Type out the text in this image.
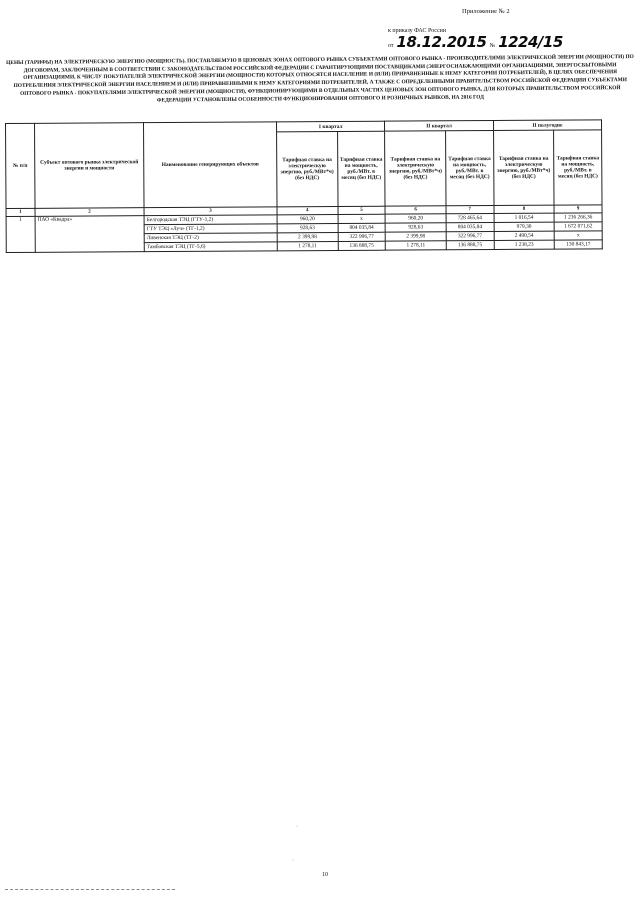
Приложение № 2
к приказу ФАС России
от 18.12.2015 № 1224/15
ЦЕНЫ (ТАРИФЫ) НА ЭЛЕКТРИЧЕСКУЮ ЭНЕРГИЮ (МОЩНОСТЬ), ПОСТАВЛЯЕМУЮ В ЦЕНОВЫХ ЗОНАХ ОПТОВОГО РЫНКА СУБЪЕКТАМИ ОПТОВОГО РЫНКА - ПРОИЗВОДИТЕЛЯМИ ЭЛЕКТРИЧЕСКОЙ ЭНЕРГИИ (МОЩНОСТИ) ПО ДОГОВОРАМ, ЗАКЛЮЧЕННЫМ В СООТВЕТСТВИИ С ЗАКОНОДАТЕЛЬСТВОМ РОССИЙСКОЙ ФЕДЕРАЦИИ С ГАРАНТИРУЮЩИМИ ПОСТАВЩИКАМИ (ЭНЕРГОСНАБЖАЮЩИМИ ОРГАНИЗАЦИЯМИ, ЭНЕРГОСБЫТОВЫМИ ОРГАНИЗАЦИЯМИ, К ЧИСЛУ ПОКУПАТЕЛЕЙ ЭЛЕКТРИЧЕСКОЙ ЭНЕРГИИ (МОЩНОСТИ) КОТОРЫХ ОТНОСЯТСЯ НАСЕЛЕНИЕ И (ИЛИ) ПРИРАВНЕННЫЕ К НЕМУ КАТЕГОРИИ ПОТРЕБИТЕЛЕЙ), В ЦЕЛЯХ ОБЕСПЕЧЕНИЯ ПОТРЕБЛЕНИЯ ЭЛЕКТРИЧЕСКОЙ ЭНЕРГИИ НАСЕЛЕНИЕМ И (ИЛИ) ПРИРАВНЕННЫМИ К НЕМУ КАТЕГОРИЯМИ ПОТРЕБИТЕЛЕЙ, А ТАКЖЕ С ОПРЕДЕЛЕННЫМИ ПРАВИТЕЛЬСТВОМ РОССИЙСКОЙ ФЕДЕРАЦИИ СУБЪЕКТАМИ ОПТОВОГО РЫНКА - ПОКУПАТЕЛЯМИ ЭЛЕКТРИЧЕСКОЙ ЭНЕРГИИ (МОЩНОСТИ), ФУНКЦИОНИРУЮЩИМИ В ОТДЕЛЬНЫХ ЧАСТЯХ ЦЕНОВЫХ ЗОН ОПТОВОГО РЫНКА, ДЛЯ КОТОРЫХ ПРАВИТЕЛЬСТВОМ РОССИЙСКОЙ ФЕДЕРАЦИИ УСТАНОВЛЕНЫ ОСОБЕННОСТИ ФУНКЦИОНИРОВАНИЯ ОПТОВОГО И РОЗНИЧНЫХ РЫНКОВ, НА 2016 ГОД
№ п/п	Субъект оптового рынка электрической энергии и мощности	Наименование генерирующих объектов	I квартал		II квартал		II полугодие	
			Тарифная ставка на электрическую энергию, руб./МВт*ч) (без НДС)	Тарифная ставка на мощность, руб./МВт. в месяц (без НДС)	Тарифная ставка на электрическую энергию, руб./МВт*ч) (без НДС)	Тарифная ставка на мощность, руб./МВт. в месяц (без НДС)	Тарифная ставка на электрическую энергию, руб./МВт*ч) (без НДС)	Тарифная ставка на мощность, руб./МВт. в месяц (без НДС)
1	2	3	4	5	6	7	8	9
1	ПАО «Квадра»	Белгородская ТЭЦ (ГТУ-1,2)	960,20	x	960,20	728 465,64	1 016,54	1 236 266,36
		ГТУ ТЭЦ «Луч» (ТГ-1,2)	928,63	804 035,84	928,63	804 035,84	979,30	1 672 071,62
		Ливенская ТЭЦ (ТГ-2)	2 399,98	322 996,77	2 399,98	322 996,77	2 490,54	x
		Тамбовская ТЭЦ (ТГ-5,6)	1 278,11	136 888,75	1 278,11	136 888,75	1 238,23	130 843,17
·
·
10
